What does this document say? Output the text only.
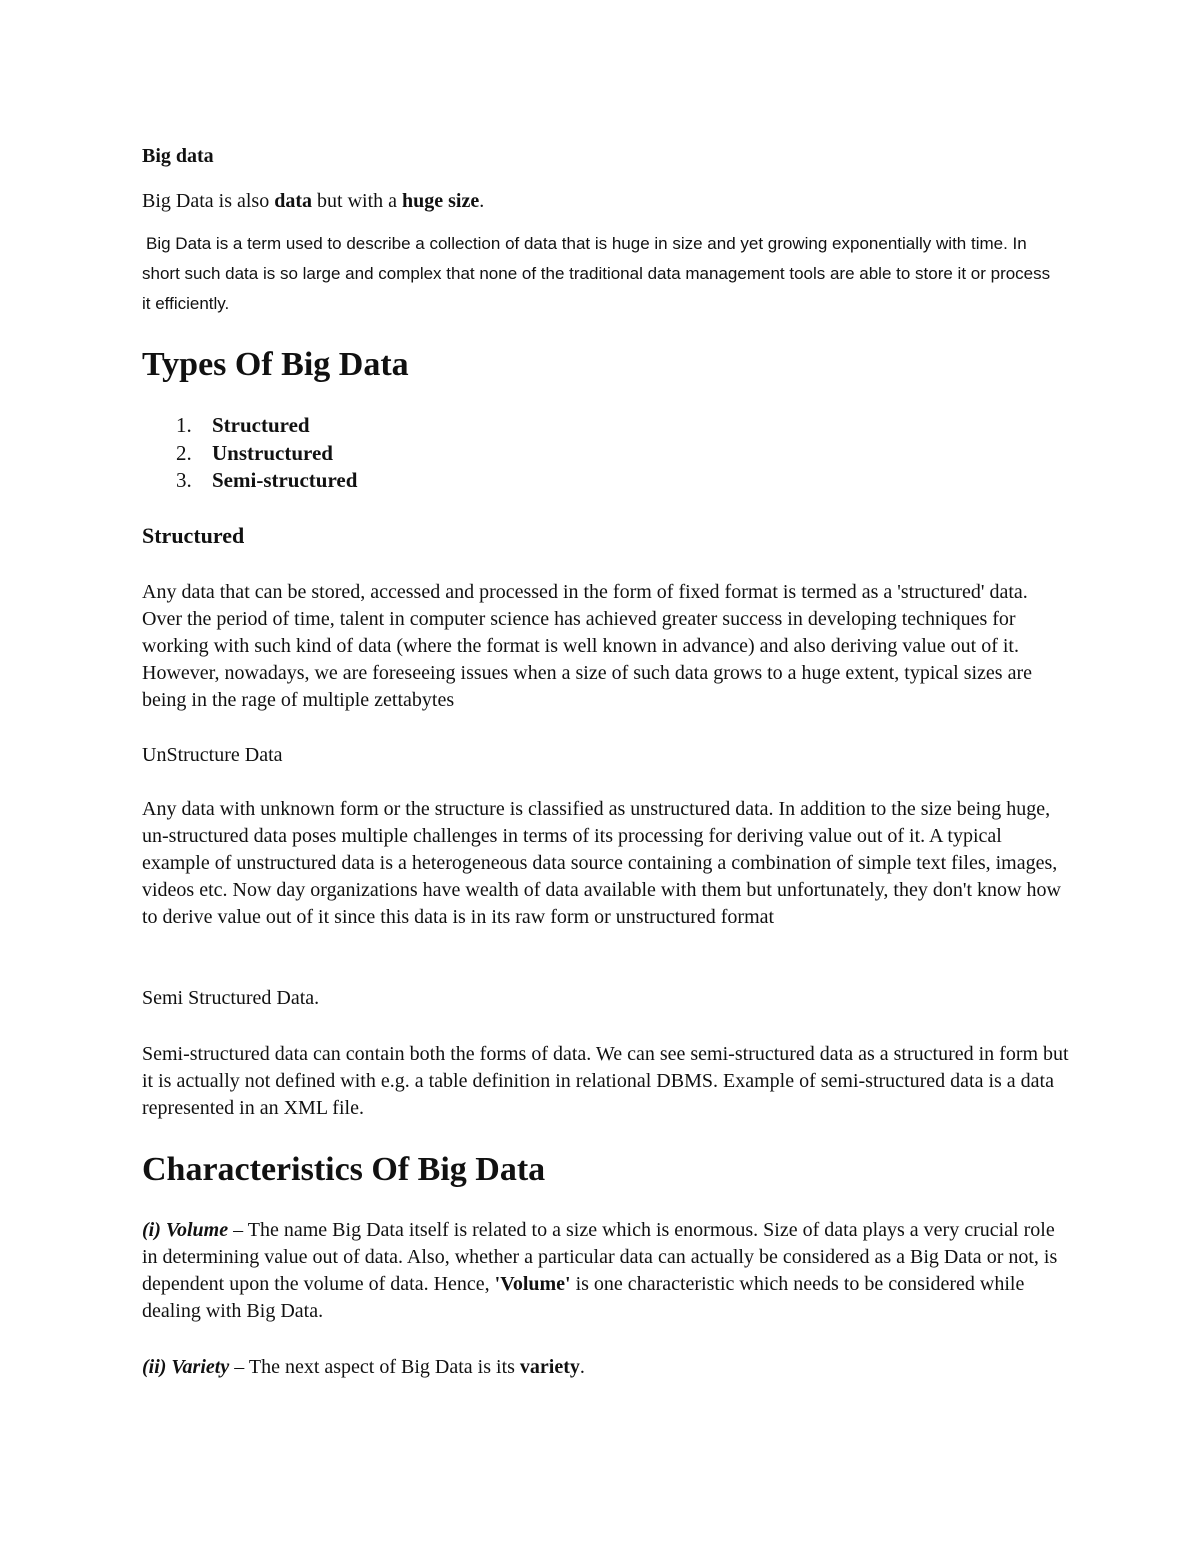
Big data

Big Data is also data but with a huge size.

Big Data is a term used to describe a collection of data that is huge in size and yet growing exponentially with time. In short such data is so large and complex that none of the traditional data management tools are able to store it or process it efficiently.

Types Of Big Data
1. Structured
2. Unstructured
3. Semi-structured
Structured

Any data that can be stored, accessed and processed in the form of fixed format is termed as a 'structured' data. Over the period of time, talent in computer science has achieved greater success in developing techniques for working with such kind of data (where the format is well known in advance) and also deriving value out of it. However, nowadays, we are foreseeing issues when a size of such data grows to a huge extent, typical sizes are being in the rage of multiple zettabytes

UnStructure Data

Any data with unknown form or the structure is classified as unstructured data. In addition to the size being huge, un-structured data poses multiple challenges in terms of its processing for deriving value out of it. A typical example of unstructured data is a heterogeneous data source containing a combination of simple text files, images, videos etc. Now day organizations have wealth of data available with them but unfortunately, they don't know how to derive value out of it since this data is in its raw form or unstructured format

Semi Structured Data.

Semi-structured data can contain both the forms of data. We can see semi-structured data as a structured in form but it is actually not defined with e.g. a table definition in relational DBMS. Example of semi-structured data is a data represented in an XML file.

Characteristics Of Big Data

(i) Volume – The name Big Data itself is related to a size which is enormous. Size of data plays a very crucial role in determining value out of data. Also, whether a particular data can actually be considered as a Big Data or not, is dependent upon the volume of data. Hence, 'Volume' is one characteristic which needs to be considered while dealing with Big Data.

(ii) Variety – The next aspect of Big Data is its variety.
